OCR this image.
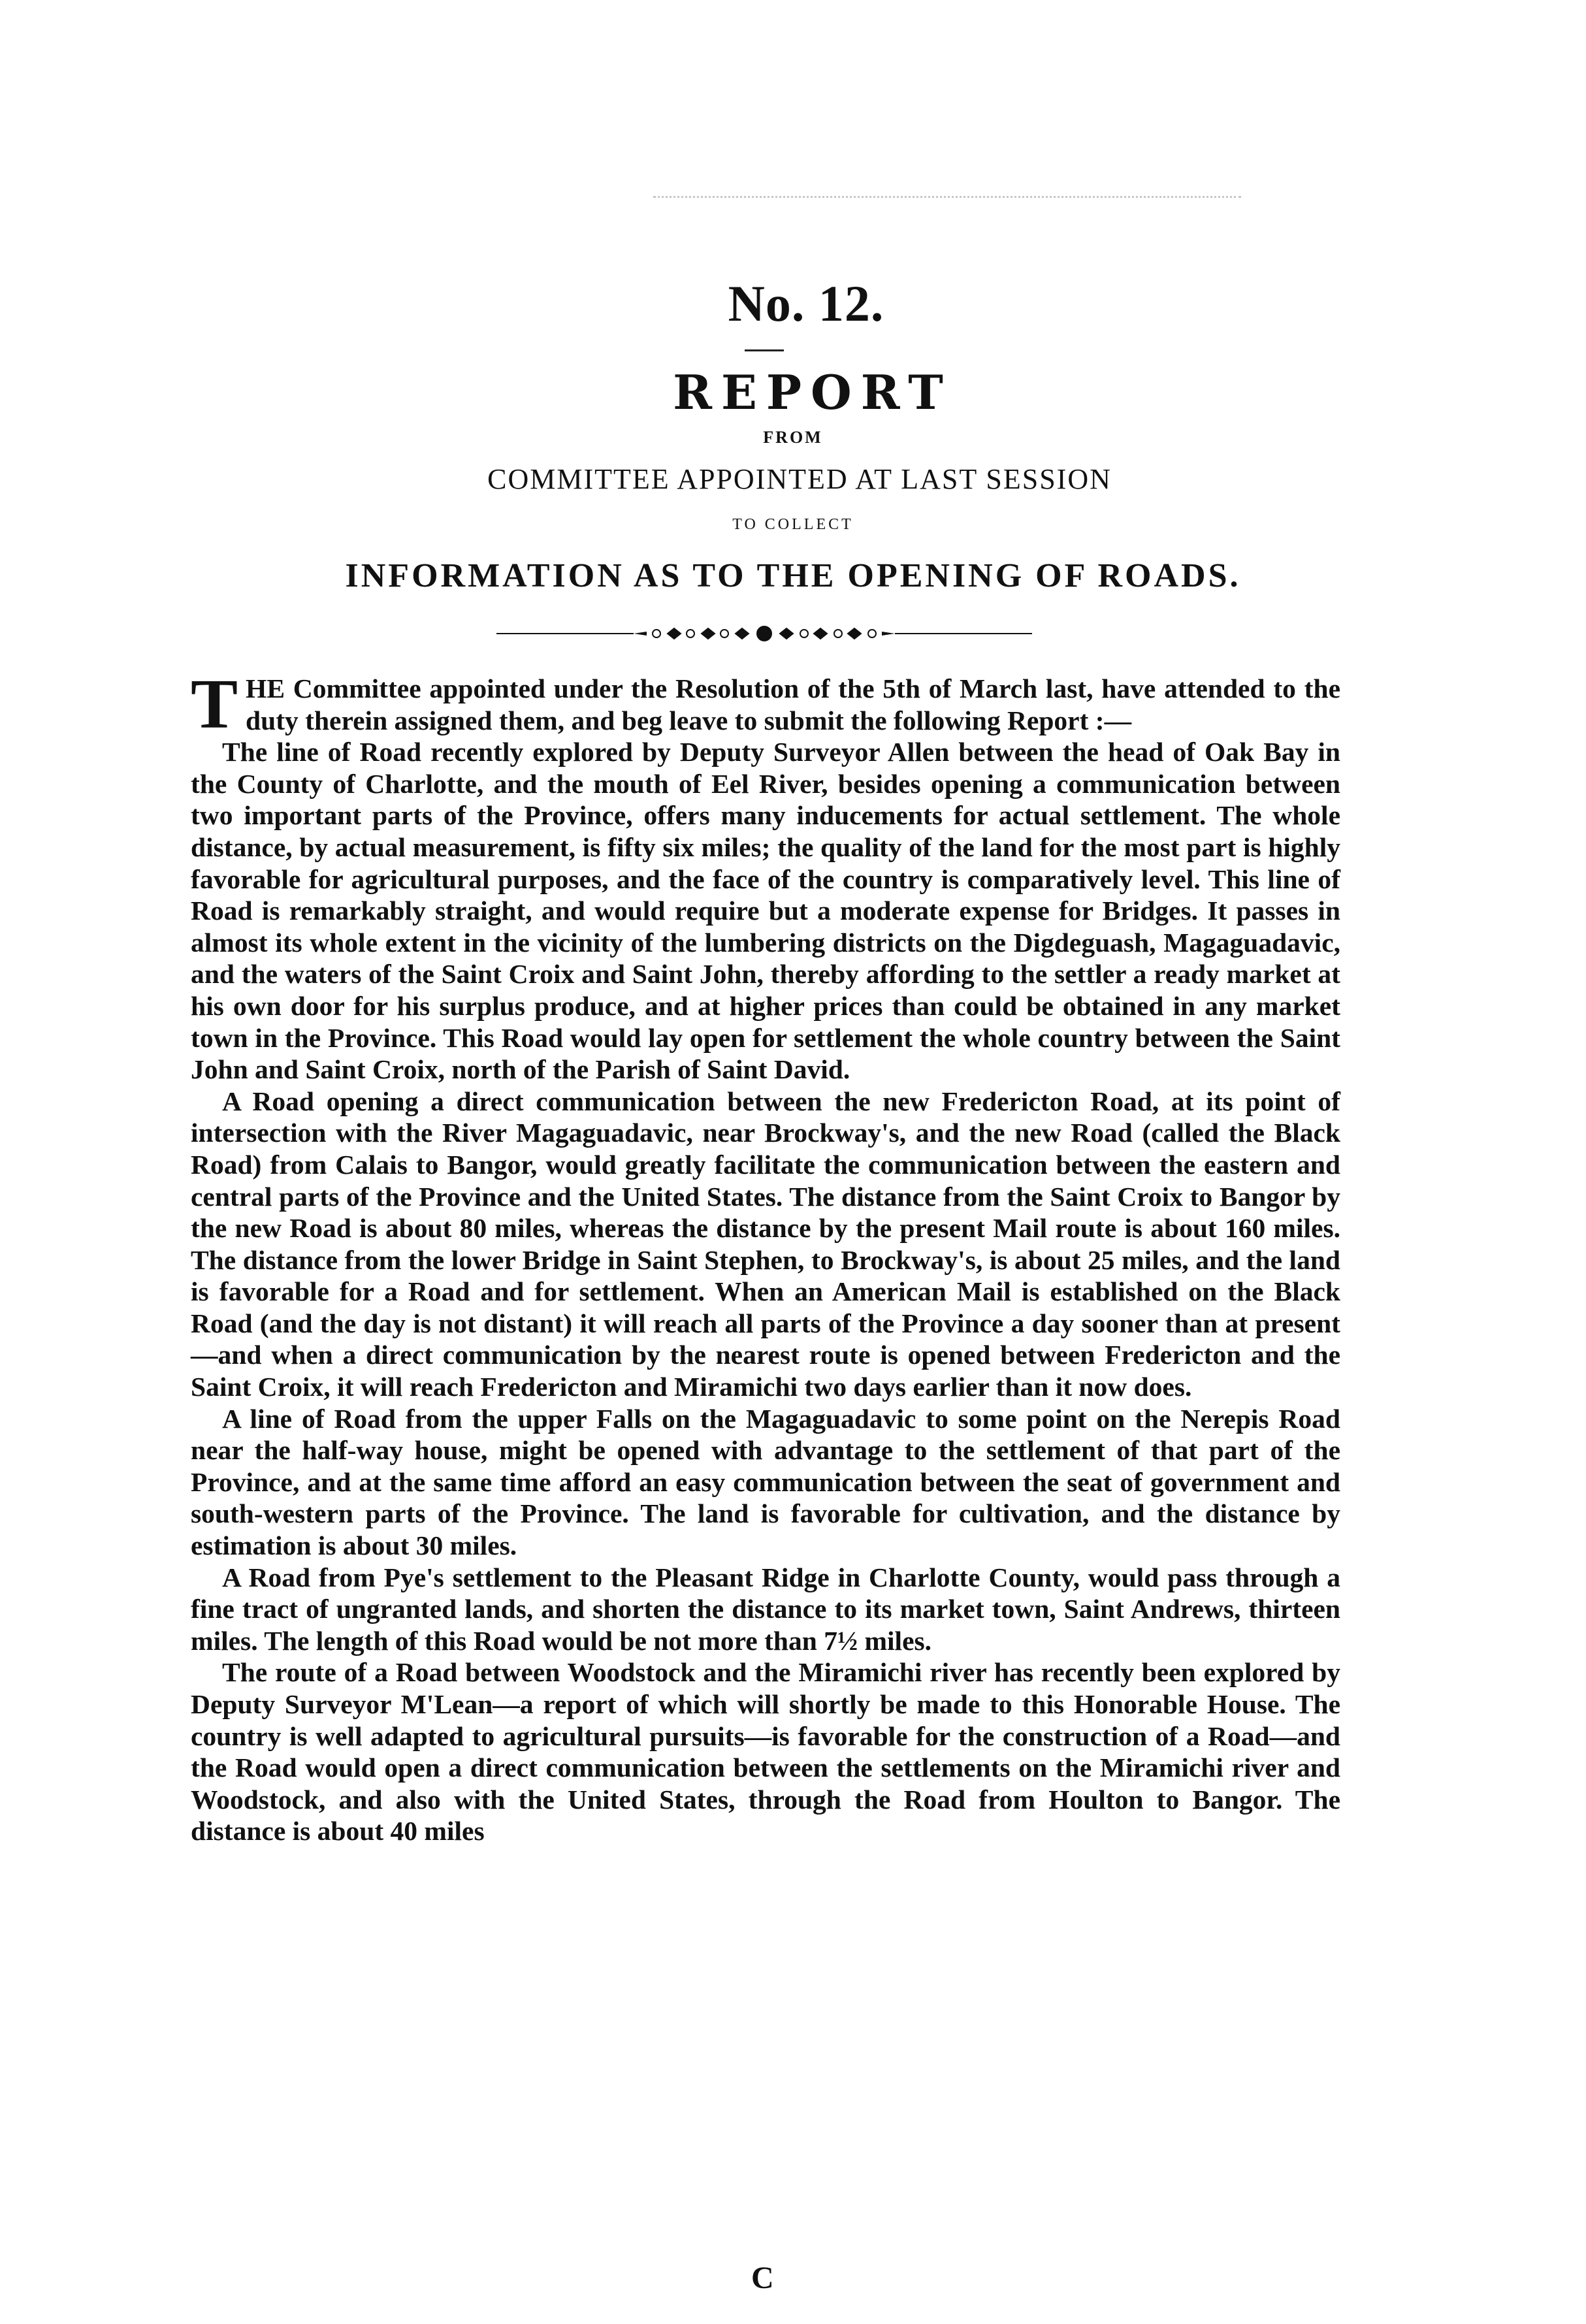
No. 12.
REPORT
FROM
COMMITTEE APPOINTED AT LAST SESSION
TO COLLECT
INFORMATION AS TO THE OPENING OF ROADS.

THE Committee appointed under the Resolution of the 5th of March last, have attended to the duty therein assigned them, and beg leave to submit the following Report :—

The line of Road recently explored by Deputy Surveyor Allen between the head of Oak Bay in the County of Charlotte, and the mouth of Eel River, besides opening a communication between two important parts of the Province, offers many inducements for actual settlement. The whole distance, by actual measurement, is fifty six miles; the quality of the land for the most part is highly favorable for agricultural purposes, and the face of the country is comparatively level. This line of Road is remarkably straight, and would require but a moderate expense for Bridges. It passes in almost its whole extent in the vicinity of the lumbering districts on the Digdeguash, Magaguadavic, and the waters of the Saint Croix and Saint John, thereby affording to the settler a ready market at his own door for his surplus produce, and at higher prices than could be obtained in any market town in the Province. This Road would lay open for settlement the whole country between the Saint John and Saint Croix, north of the Parish of Saint David.

A Road opening a direct communication between the new Fredericton Road, at its point of intersection with the River Magaguadavic, near Brockway's, and the new Road (called the Black Road) from Calais to Bangor, would greatly facilitate the communication between the eastern and central parts of the Province and the United States. The distance from the Saint Croix to Bangor by the new Road is about 80 miles, whereas the distance by the present Mail route is about 160 miles. The distance from the lower Bridge in Saint Stephen, to Brockway's, is about 25 miles, and the land is favorable for a Road and for settlement. When an American Mail is established on the Black Road (and the day is not distant) it will reach all parts of the Province a day sooner than at present—and when a direct communication by the nearest route is opened between Fredericton and the Saint Croix, it will reach Fredericton and Miramichi two days earlier than it now does.

A line of Road from the upper Falls on the Magaguadavic to some point on the Nerepis Road near the half-way house, might be opened with advantage to the settlement of that part of the Province, and at the same time afford an easy communication between the seat of government and south-western parts of the Province. The land is favorable for cultivation, and the distance by estimation is about 30 miles.

A Road from Pye's settlement to the Pleasant Ridge in Charlotte County, would pass through a fine tract of ungranted lands, and shorten the distance to its market town, Saint Andrews, thirteen miles. The length of this Road would be not more than 7½ miles.

The route of a Road between Woodstock and the Miramichi river has recently been explored by Deputy Surveyor M'Lean—a report of which will shortly be made to this Honorable House. The country is well adapted to agricultural pursuits—is favorable for the construction of a Road—and the Road would open a direct communication between the settlements on the Miramichi river and Woodstock, and also with the United States, through the Road from Houlton to Bangor. The distance is about 40 miles

C
